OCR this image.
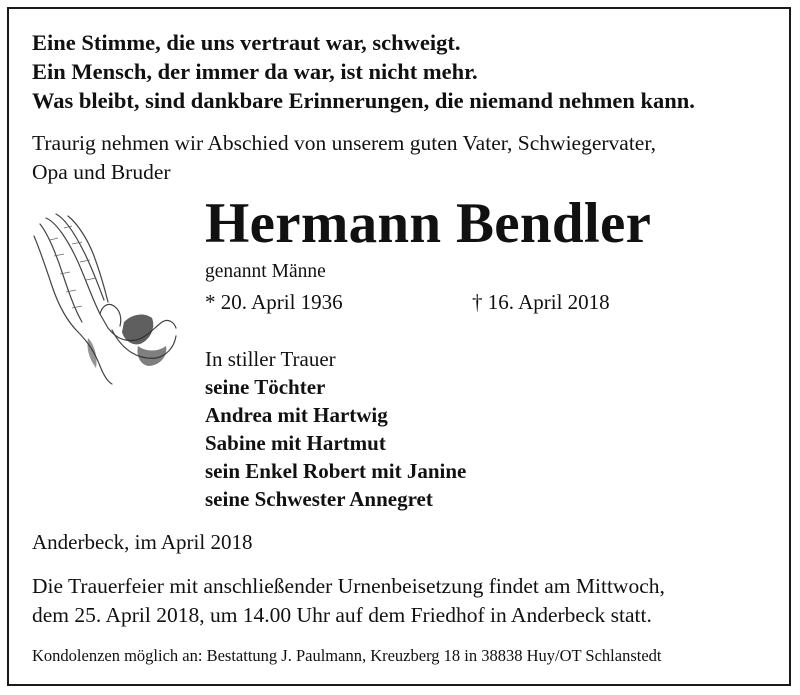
Eine Stimme, die uns vertraut war, schweigt.
Ein Mensch, der immer da war, ist nicht mehr.
Was bleibt, sind dankbare Erinnerungen, die niemand nehmen kann.
Traurig nehmen wir Abschied von unserem guten Vater, Schwiegervater,
Opa und Bruder
Hermann Bendler
genannt Männe
* 20. April 1936	† 16. April 2018
In stiller Trauer
seine Töchter
Andrea mit Hartwig
Sabine mit Hartmut
sein Enkel Robert mit Janine
seine Schwester Annegret
Anderbeck, im April 2018
Die Trauerfeier mit anschließender Urnenbeisetzung findet am Mittwoch,
dem 25. April 2018, um 14.00 Uhr auf dem Friedhof in Anderbeck statt.
Kondolenzen möglich an: Bestattung J. Paulmann, Kreuzberg 18 in 38838 Huy/OT Schlanstedt
